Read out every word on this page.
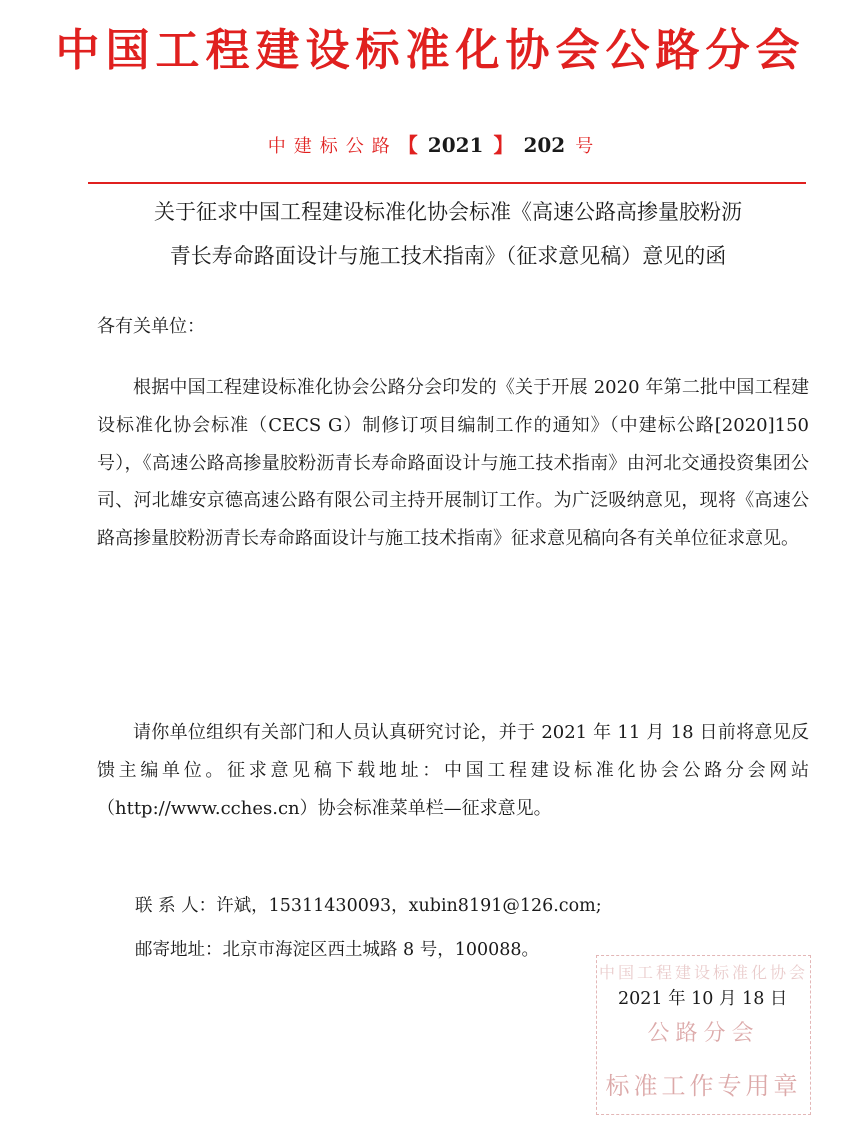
中国工程建设标准化协会公路分会
中建标公路【 2021 】 202 号
关于征求中国工程建设标准化协会标准《高速公路高掺量胶粉沥
青长寿命路面设计与施工技术指南》（征求意见稿）意见的函
各有关单位：

根据中国工程建设标准化协会公路分会印发的《关于开展 2020 年第二批中国工程建设标准化协会标准（CECS G）制修订项目编制工作的通知》（中建标公路[2020]150 号），《高速公路高掺量胶粉沥青长寿命路面设计与施工技术指南》由河北交通投资集团公司、河北雄安京德高速公路有限公司主持开展制订工作。为广泛吸纳意见，现将《高速公路高掺量胶粉沥青长寿命路面设计与施工技术指南》征求意见稿向各有关单位征求意见。

请你单位组织有关部门和人员认真研究讨论，并于 2021 年 11 月 18 日前将意见反馈主编单位。征求意见稿下载地址：中国工程建设标准化协会公路分会网站（http://www.cches.cn）协会标准菜单栏—征求意见。

联 系 人：许斌，15311430093，xubin8191@126.com;
邮寄地址：北京市海淀区西土城路 8 号，100088。
中国工程建设标准化协会
公路分会
标准工作专用章
2021 年 10 月 18 日
